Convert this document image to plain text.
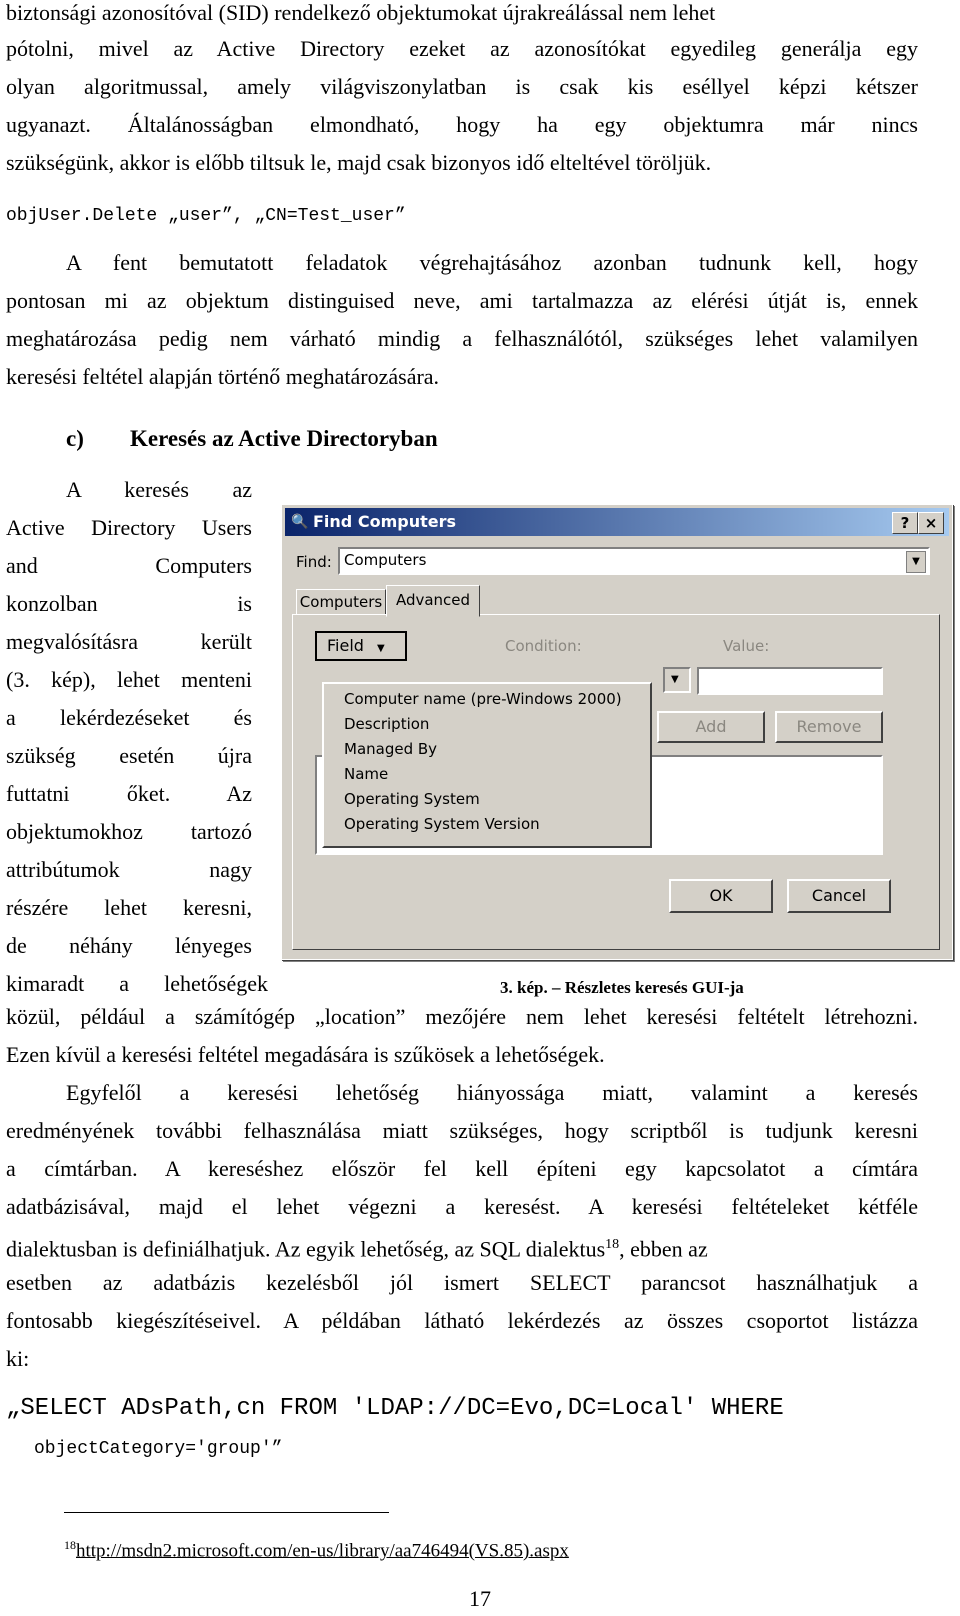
biztonsági azonosítóval (SID) rendelkező objektumokat újrakreálással nem lehet
pótolni, mivel az Active Directory ezeket az azonosítókat egyedileg generálja egy
olyan algoritmussal, amely világviszonylatban is csak kis eséllyel képzi kétszer
ugyanazt. Általánosságban elmondható, hogy ha egy objektumra már nincs
szükségünk, akkor is előbb tiltsuk le, majd csak bizonyos idő elteltével töröljük.
objUser.Delete „user”, „CN=Test_user”
A fent bemutatott feladatok végrehajtásához azonban tudnunk kell, hogy
pontosan mi az objektum distinguised neve, ami tartalmazza az elérési útját is, ennek
meghatározása pedig nem várható mindig a felhasználótól, szükséges lehet valamilyen
keresési feltétel alapján történő meghatározására.
c) Keresés az Active Directoryban
A keresés az
Active Directory Users
and Computers
konzolban is
megvalósításra került
(3. kép), lehet menteni
a lekérdezéseket és
szükség esetén újra
futtatni őket. Az
objektumokhoz tartozó
attribútumok nagy
részére lehet keresni,
de néhány lényeges
kimaradt a lehetőségek
🔍 Find Computers	?	×
Find: Computers	▼
Computers Advanced
Field ▼	Condition:	Value:
▼
Add	Remove
OK	Cancel
Computer name (pre-Windows 2000)
Description
Managed By
Name
Operating System
Operating System Version
3. kép. – Részletes keresés GUI-ja
közül, például a számítógép „location” mezőjére nem lehet keresési feltételt létrehozni.
Ezen kívül a keresési feltétel megadására is szűkösek a lehetőségek.
Egyfelől a keresési lehetőség hiányossága miatt, valamint a keresés
eredményének további felhasználása miatt szükséges, hogy scriptből is tudjunk keresni
a címtárban. A kereséshez először fel kell építeni egy kapcsolatot a címtára
adatbázisával, majd el lehet végezni a keresést. A keresési feltételeket kétféle
dialektusban is definiálhatjuk. Az egyik lehetőség, az SQL dialektus$^{18}$, ebben az
esetben az adatbázis kezelésből jól ismert SELECT parancsot használhatjuk a
fontosabb kiegészítéseivel. A példában látható lekérdezés az összes csoportot listázza
ki:
„SELECT ADsPath,cn FROM 'LDAP://DC=Evo,DC=Local' WHERE
objectCategory='group'”
$^{18}$http://msdn2.microsoft.com/en-us/library/aa746494(VS.85).aspx
17
